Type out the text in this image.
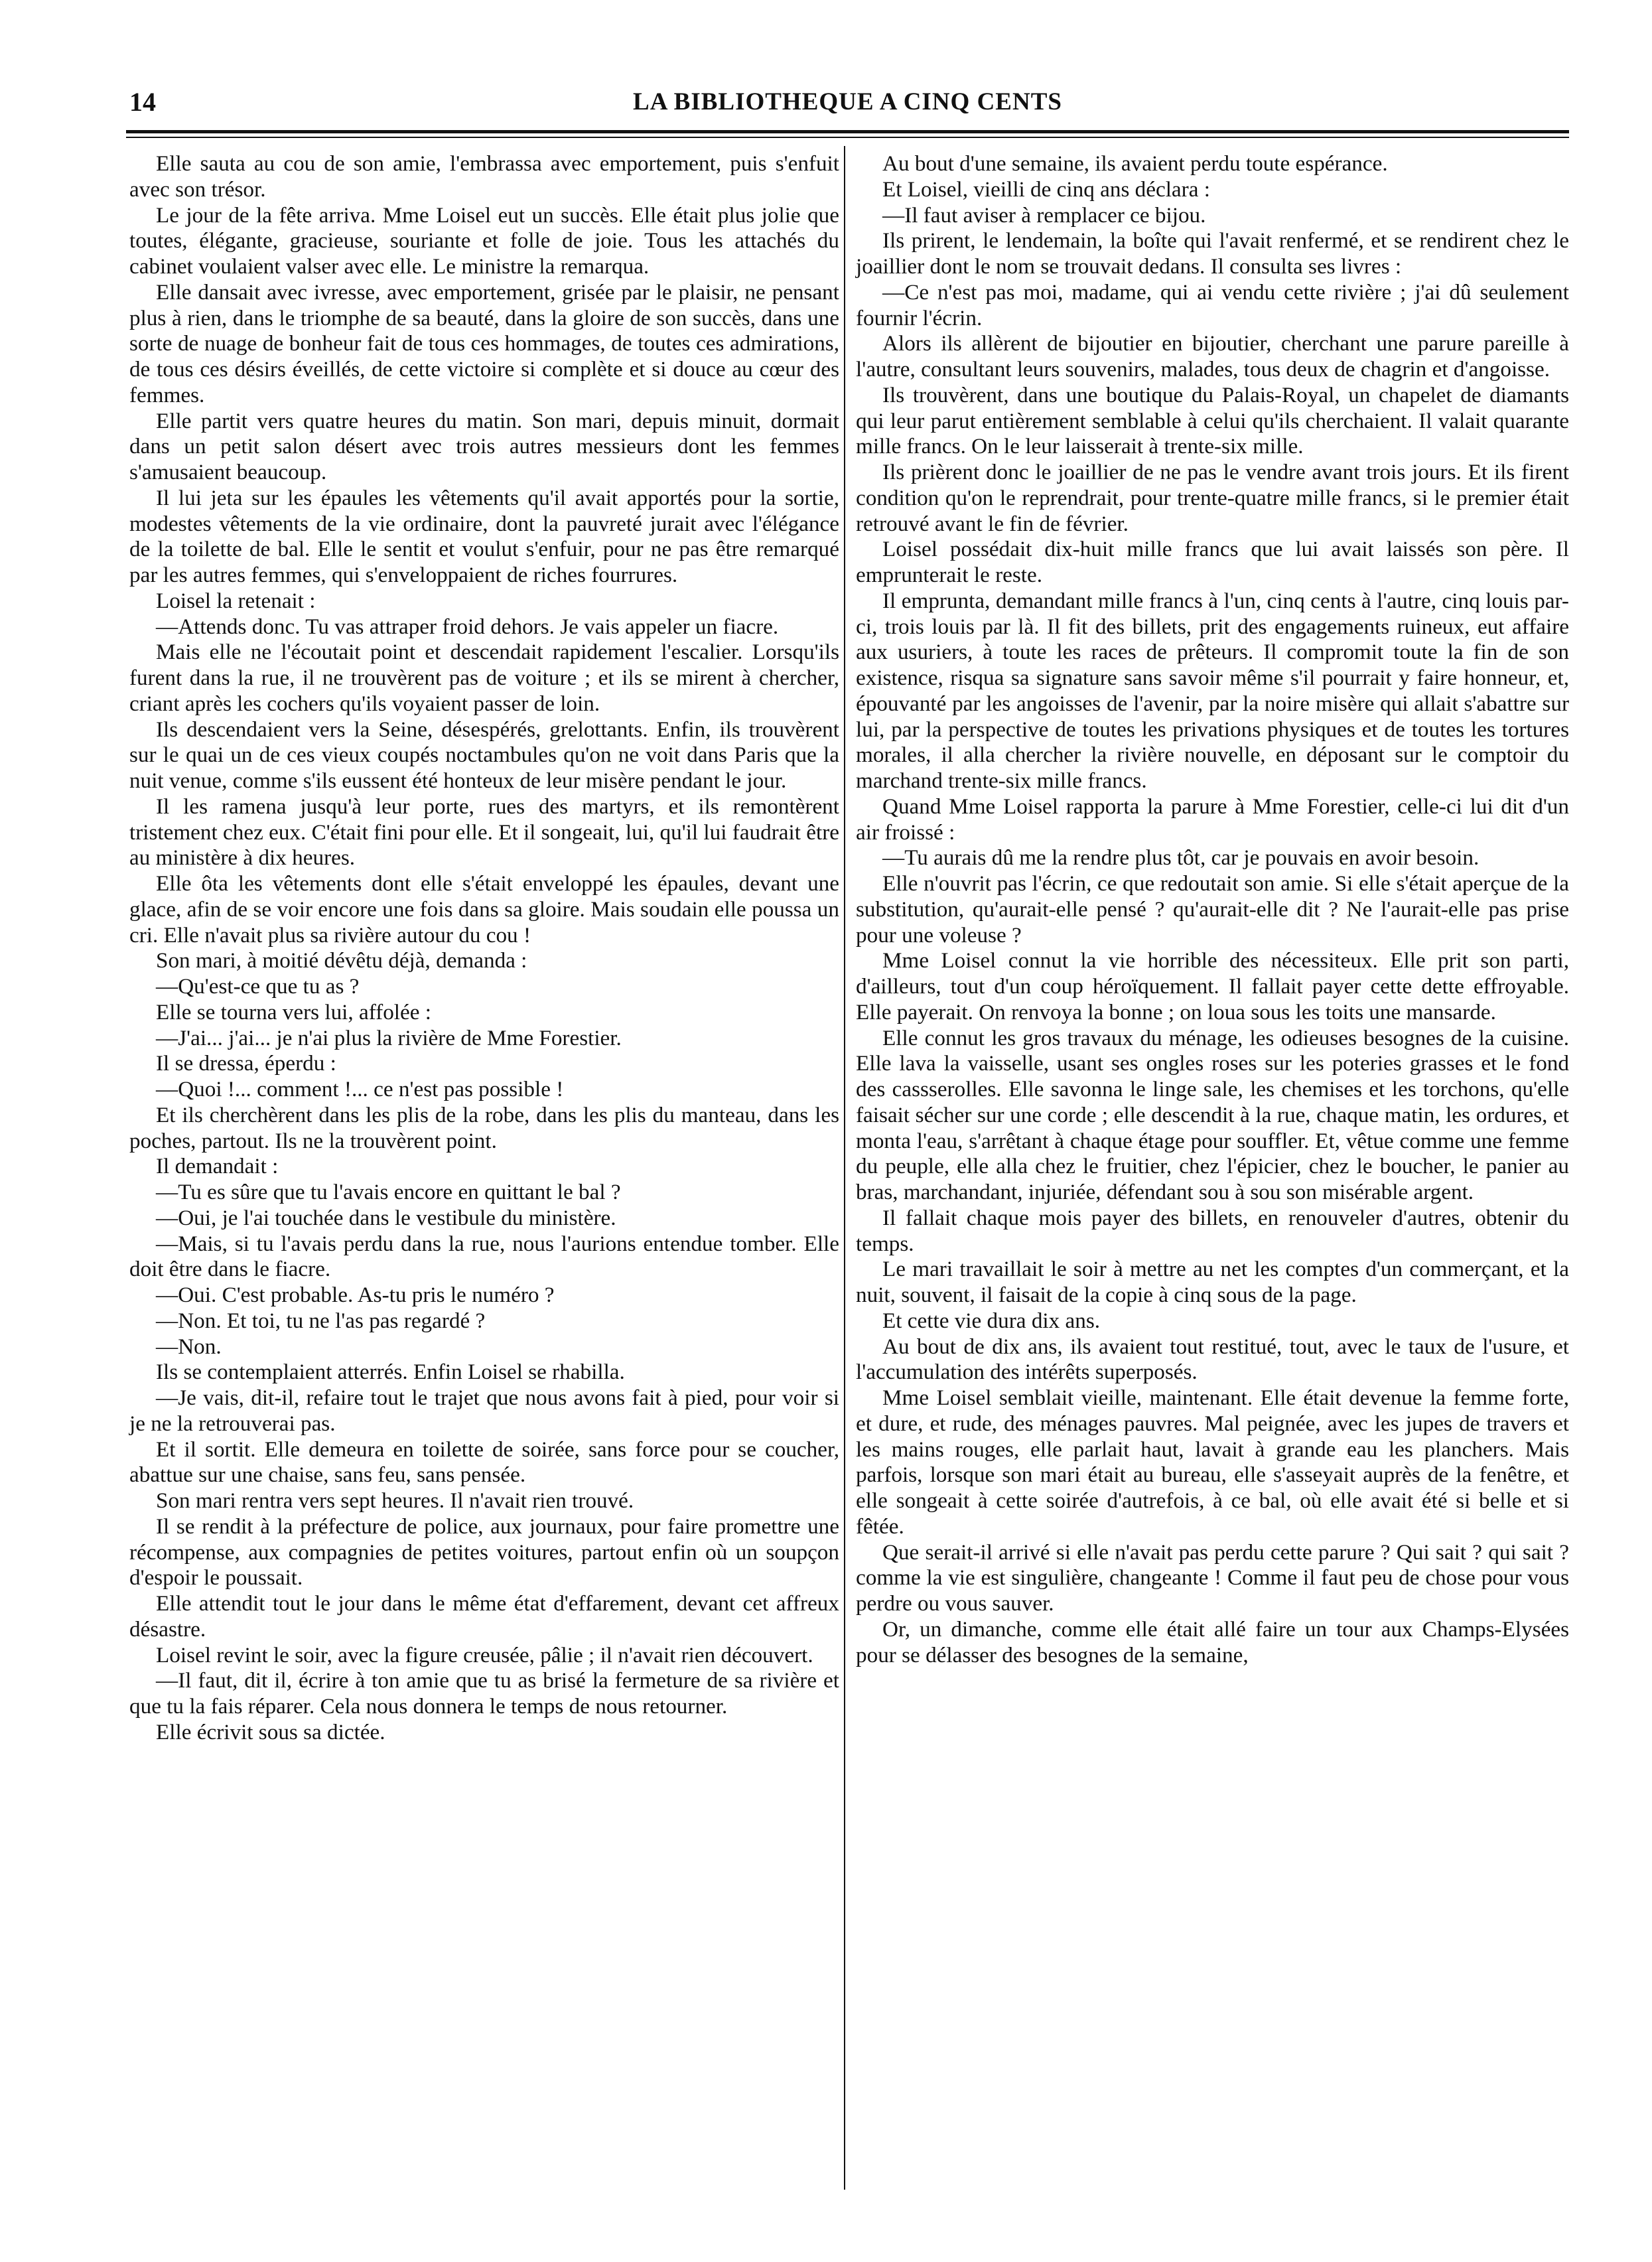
14	LA BIBLIOTHEQUE A CINQ CENTS

Elle sauta au cou de son amie, l'embrassa avec emportement, puis s'enfuit avec son trésor.

Le jour de la fête arriva. Mme Loisel eut un succès. Elle était plus jolie que toutes, élégante, gracieuse, souriante et folle de joie. Tous les attachés du cabinet voulaient valser avec elle. Le ministre la remarqua.

Elle dansait avec ivresse, avec emportement, grisée par le plaisir, ne pensant plus à rien, dans le triomphe de sa beauté, dans la gloire de son succès, dans une sorte de nuage de bonheur fait de tous ces hommages, de toutes ces admirations, de tous ces désirs éveillés, de cette victoire si complète et si douce au cœur des femmes.

Elle partit vers quatre heures du matin. Son mari, depuis minuit, dormait dans un petit salon désert avec trois autres messieurs dont les femmes s'amusaient beaucoup.

Il lui jeta sur les épaules les vêtements qu'il avait apportés pour la sortie, modestes vêtements de la vie ordinaire, dont la pauvreté jurait avec l'élégance de la toilette de bal. Elle le sentit et voulut s'enfuir, pour ne pas être remarqué par les autres femmes, qui s'enveloppaient de riches fourrures.

Loisel la retenait :

—Attends donc. Tu vas attraper froid dehors. Je vais appeler un fiacre.

Mais elle ne l'écoutait point et descendait rapidement l'escalier. Lorsqu'ils furent dans la rue, il ne trouvèrent pas de voiture ; et ils se mirent à chercher, criant après les cochers qu'ils voyaient passer de loin.

Ils descendaient vers la Seine, désespérés, grelottants. Enfin, ils trouvèrent sur le quai un de ces vieux coupés noctambules qu'on ne voit dans Paris que la nuit venue, comme s'ils eussent été honteux de leur misère pendant le jour.

Il les ramena jusqu'à leur porte, rues des martyrs, et ils remontèrent tristement chez eux. C'était fini pour elle. Et il songeait, lui, qu'il lui faudrait être au ministère à dix heures.

Elle ôta les vêtements dont elle s'était enveloppé les épaules, devant une glace, afin de se voir encore une fois dans sa gloire. Mais soudain elle poussa un cri. Elle n'avait plus sa rivière autour du cou !

Son mari, à moitié dévêtu déjà, demanda :

—Qu'est-ce que tu as ?

Elle se tourna vers lui, affolée :

—J'ai... j'ai... je n'ai plus la rivière de Mme Forestier.

Il se dressa, éperdu :

—Quoi !... comment !... ce n'est pas possible !

Et ils cherchèrent dans les plis de la robe, dans les plis du manteau, dans les poches, partout. Ils ne la trouvèrent point.

Il demandait :

—Tu es sûre que tu l'avais encore en quittant le bal ?

—Oui, je l'ai touchée dans le vestibule du ministère.

—Mais, si tu l'avais perdu dans la rue, nous l'aurions entendue tomber. Elle doit être dans le fiacre.

—Oui. C'est probable. As-tu pris le numéro ?

—Non. Et toi, tu ne l'as pas regardé ?

—Non.

Ils se contemplaient atterrés. Enfin Loisel se rhabilla.

—Je vais, dit-il, refaire tout le trajet que nous avons fait à pied, pour voir si je ne la retrouverai pas.

Et il sortit. Elle demeura en toilette de soirée, sans force pour se coucher, abattue sur une chaise, sans feu, sans pensée.

Son mari rentra vers sept heures. Il n'avait rien trouvé.

Il se rendit à la préfecture de police, aux journaux, pour faire promettre une récompense, aux compagnies de petites voitures, partout enfin où un soupçon d'espoir le poussait.

Elle attendit tout le jour dans le même état d'effarement, devant cet affreux désastre.

Loisel revint le soir, avec la figure creusée, pâlie ; il n'avait rien découvert.

—Il faut, dit il, écrire à ton amie que tu as brisé la fermeture de sa rivière et que tu la fais réparer. Cela nous donnera le temps de nous retourner.

Elle écrivit sous sa dictée.

Au bout d'une semaine, ils avaient perdu toute espérance.

Et Loisel, vieilli de cinq ans déclara :

—Il faut aviser à remplacer ce bijou.

Ils prirent, le lendemain, la boîte qui l'avait renfermé, et se rendirent chez le joaillier dont le nom se trouvait dedans. Il consulta ses livres :

—Ce n'est pas moi, madame, qui ai vendu cette rivière ; j'ai dû seulement fournir l'écrin.

Alors ils allèrent de bijoutier en bijoutier, cherchant une parure pareille à l'autre, consultant leurs souvenirs, malades, tous deux de chagrin et d'angoisse.

Ils trouvèrent, dans une boutique du Palais-Royal, un chapelet de diamants qui leur parut entièrement semblable à celui qu'ils cherchaient. Il valait quarante mille francs. On le leur laisserait à trente-six mille.

Ils prièrent donc le joaillier de ne pas le vendre avant trois jours. Et ils firent condition qu'on le reprendrait, pour trente-quatre mille francs, si le premier était retrouvé avant le fin de février.

Loisel possédait dix-huit mille francs que lui avait laissés son père. Il emprunterait le reste.

Il emprunta, demandant mille francs à l'un, cinq cents à l'autre, cinq louis par-ci, trois louis par là. Il fit des billets, prit des engagements ruineux, eut affaire aux usuriers, à toute les races de prêteurs. Il compromit toute la fin de son existence, risqua sa signature sans savoir même s'il pourrait y faire honneur, et, épouvanté par les angoisses de l'avenir, par la noire misère qui allait s'abattre sur lui, par la perspective de toutes les privations physiques et de toutes les tortures morales, il alla chercher la rivière nouvelle, en déposant sur le comptoir du marchand trente-six mille francs.

Quand Mme Loisel rapporta la parure à Mme Forestier, celle-ci lui dit d'un air froissé :

—Tu aurais dû me la rendre plus tôt, car je pouvais en avoir besoin.

Elle n'ouvrit pas l'écrin, ce que redoutait son amie. Si elle s'était aperçue de la substitution, qu'aurait-elle pensé ? qu'aurait-elle dit ? Ne l'aurait-elle pas prise pour une voleuse ?

Mme Loisel connut la vie horrible des nécessiteux. Elle prit son parti, d'ailleurs, tout d'un coup héroïquement. Il fallait payer cette dette effroyable. Elle payerait. On renvoya la bonne ; on loua sous les toits une mansarde.

Elle connut les gros travaux du ménage, les odieuses besognes de la cuisine. Elle lava la vaisselle, usant ses ongles roses sur les poteries grasses et le fond des cassserolles. Elle savonna le linge sale, les chemises et les torchons, qu'elle faisait sécher sur une corde ; elle descendit à la rue, chaque matin, les ordures, et monta l'eau, s'arrêtant à chaque étage pour souffler. Et, vêtue comme une femme du peuple, elle alla chez le fruitier, chez l'épicier, chez le boucher, le panier au bras, marchandant, injuriée, défendant sou à sou son misérable argent.

Il fallait chaque mois payer des billets, en renouveler d'autres, obtenir du temps.

Le mari travaillait le soir à mettre au net les comptes d'un commerçant, et la nuit, souvent, il faisait de la copie à cinq sous de la page.

Et cette vie dura dix ans.

Au bout de dix ans, ils avaient tout restitué, tout, avec le taux de l'usure, et l'accumulation des intérêts superposés.

Mme Loisel semblait vieille, maintenant. Elle était devenue la femme forte, et dure, et rude, des ménages pauvres. Mal peignée, avec les jupes de travers et les mains rouges, elle parlait haut, lavait à grande eau les planchers. Mais parfois, lorsque son mari était au bureau, elle s'asseyait auprès de la fenêtre, et elle songeait à cette soirée d'autrefois, à ce bal, où elle avait été si belle et si fêtée.

Que serait-il arrivé si elle n'avait pas perdu cette parure ? Qui sait ? qui sait ? comme la vie est singulière, changeante ! Comme il faut peu de chose pour vous perdre ou vous sauver.

Or, un dimanche, comme elle était allé faire un tour aux Champs-Elysées pour se délasser des besognes de la semaine,
